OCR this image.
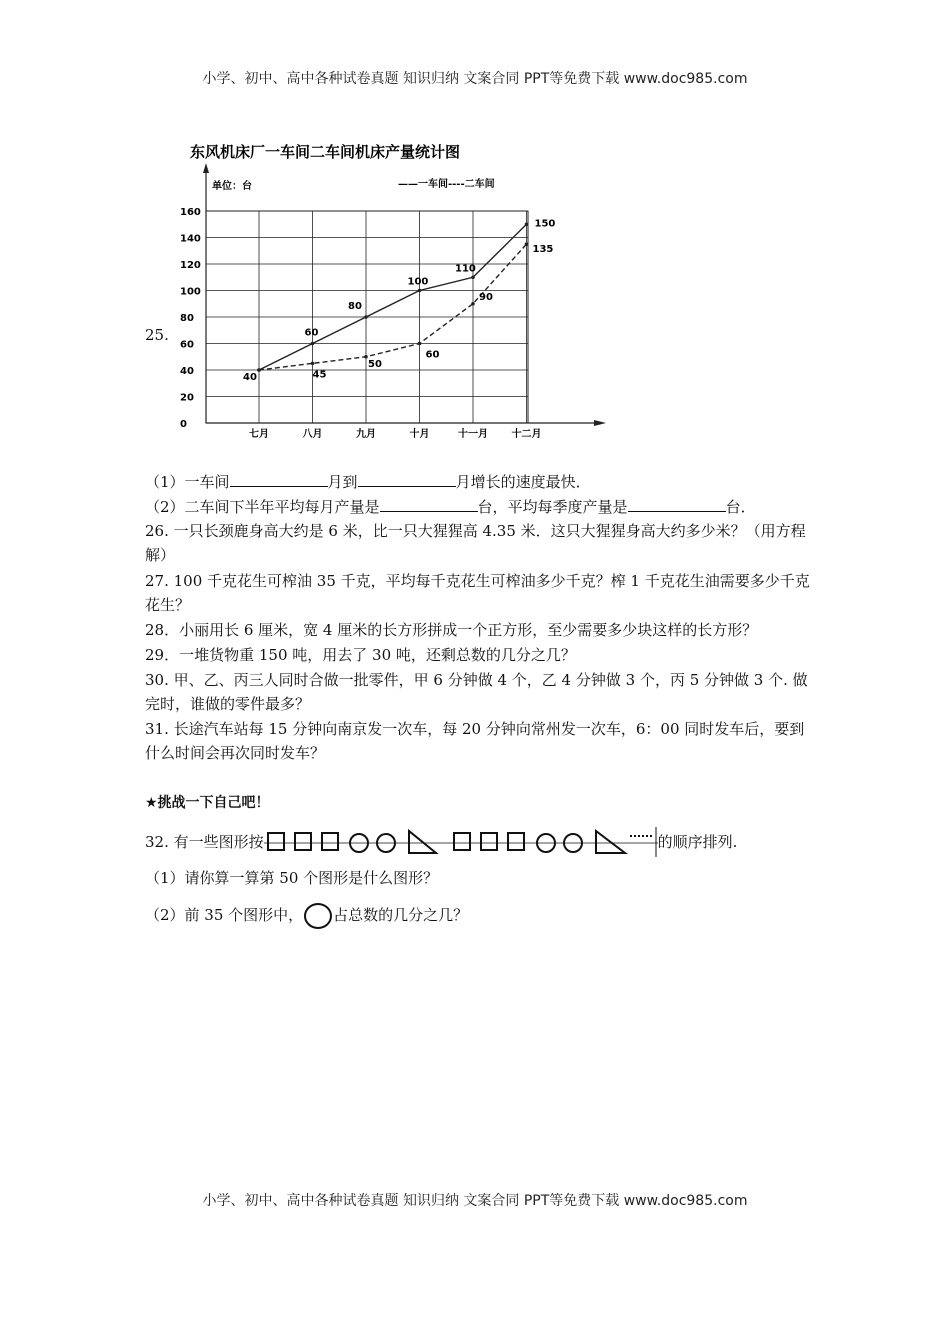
小学、初中、高中各种试卷真题 知识归纳 文案合同 PPT等免费下载 www.doc985.com
25.
东风机床厂一车间二车间机床产量统计图
单位：台	——一车间----二车间
0
20
40
60
80
100
120
140
160
七月	八月	九月	十月	十一月 十二月
40
60
80
100
110
150
45
50
60
90
135
（1）一车间	月到	月增长的速度最快．
（2）二车间下半年平均每月产量是	台，平均每季度产量是	台．
26. 一只长颈鹿身高大约是 6 米，比一只大猩猩高 4.35 米．这只大猩猩身高大约多少米？（用方程解）
27. 100 千克花生可榨油 35 千克，平均每千克花生可榨油多少千克？榨 1 千克花生油需要多少千克花生？
28．小丽用长 6 厘米，宽 4 厘米的长方形拼成一个正方形，至少需要多少块这样的长方形？
29．一堆货物重 150 吨，用去了 30 吨，还剩总数的几分之几？
30. 甲、乙、丙三人同时合做一批零件，甲 6 分钟做 4 个，乙 4 分钟做 3 个，丙 5 分钟做 3 个. 做完时，谁做的零件最多？
31. 长途汽车站每 15 分钟向南京发一次车，每 20 分钟向常州发一次车，6：00 同时发车后，要到什么时间会再次同时发车？
★挑战一下自己吧！
32. 有一些图形按	的顺序排列.
（1）请你算一算第 50 个图形是什么图形？
（2）前 35 个图形中， 占总数的几分之几？
小学、初中、高中各种试卷真题 知识归纳 文案合同 PPT等免费下载 www.doc985.com
